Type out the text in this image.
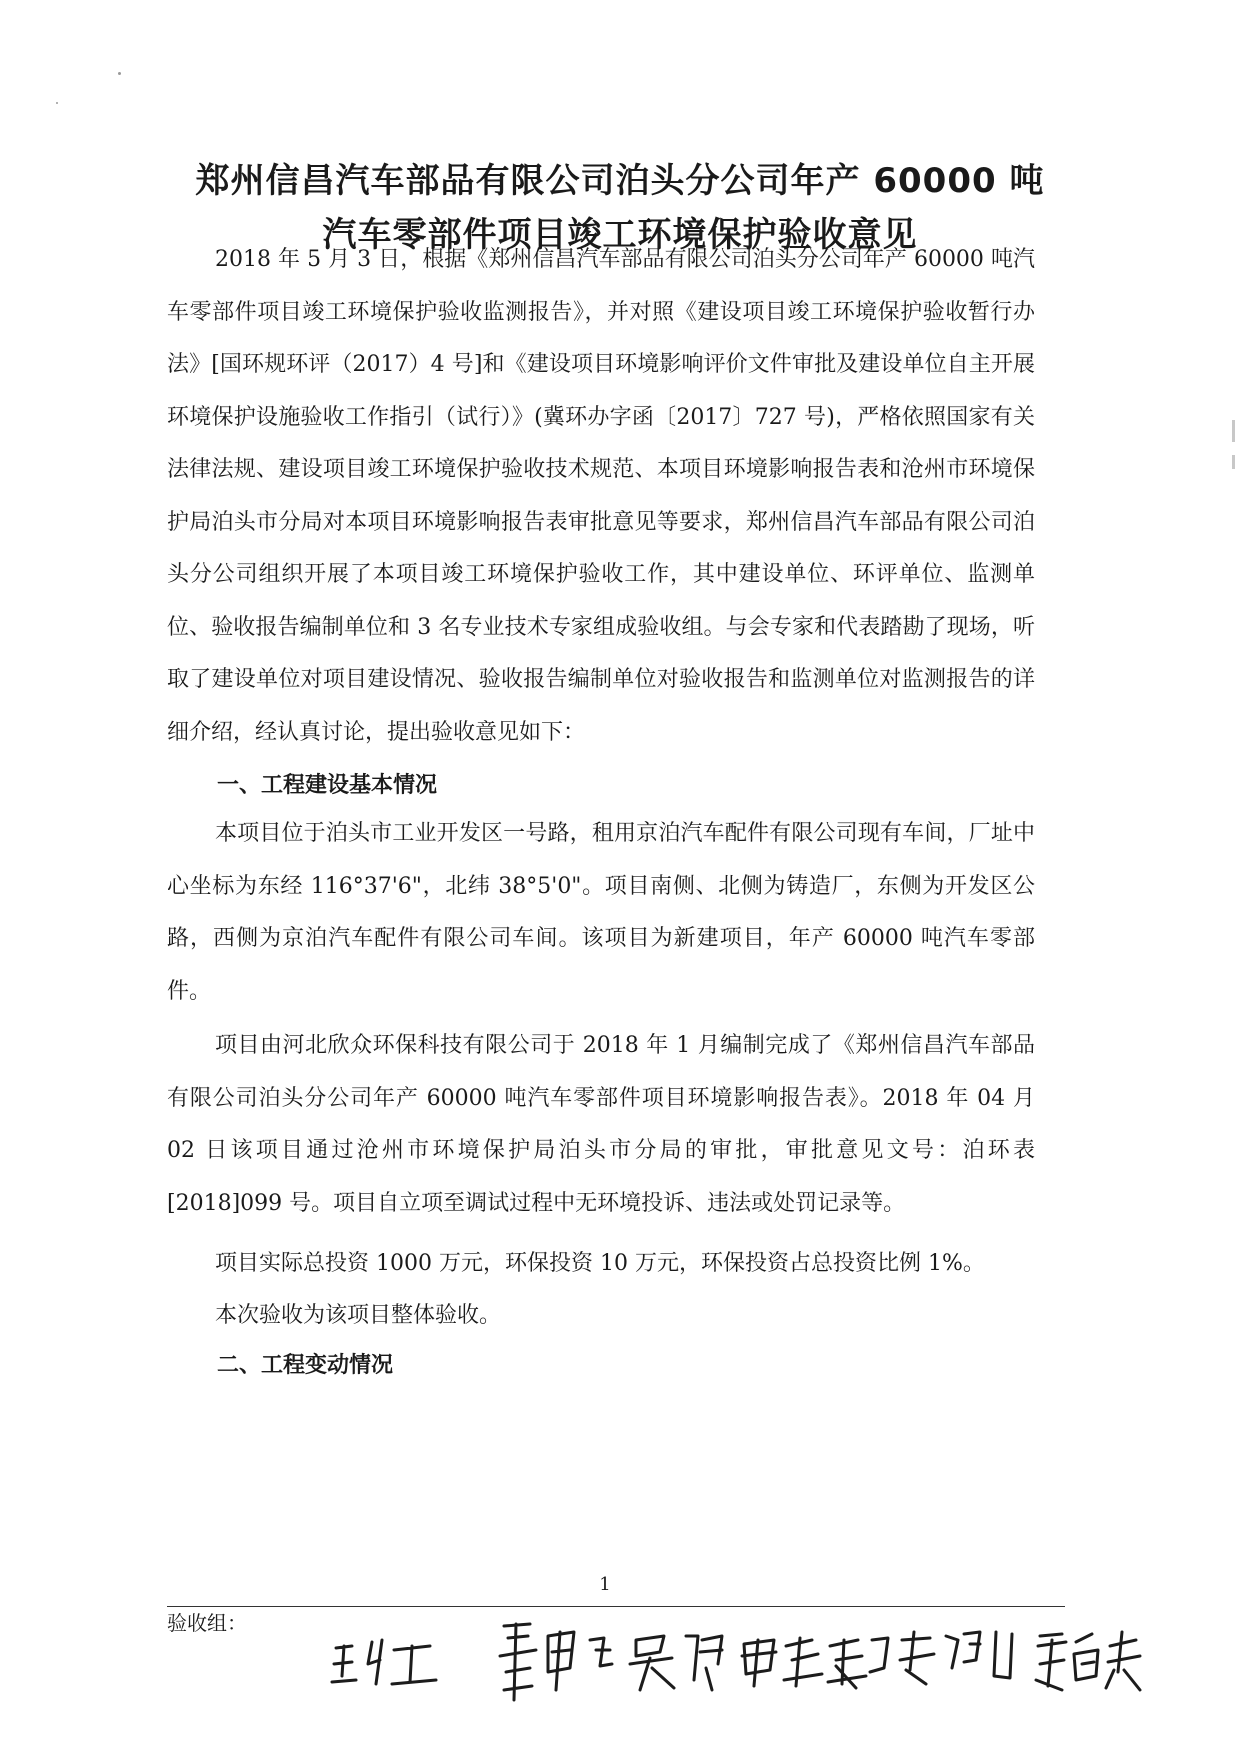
郑州信昌汽车部品有限公司泊头分公司年产 60000 吨
汽车零部件项目竣工环境保护验收意见

2018 年 5 月 3 日，根据《郑州信昌汽车部品有限公司泊头分公司年产 60000 吨汽车零部件项目竣工环境保护验收监测报告》，并对照《建设项目竣工环境保护验收暂行办法》[国环规环评（2017）4 号]和《建设项目环境影响评价文件审批及建设单位自主开展环境保护设施验收工作指引（试行）》(冀环办字函〔2017〕727 号)，严格依照国家有关法律法规、建设项目竣工环境保护验收技术规范、本项目环境影响报告表和沧州市环境保护局泊头市分局对本项目环境影响报告表审批意见等要求，郑州信昌汽车部品有限公司泊头分公司组织开展了本项目竣工环境保护验收工作，其中建设单位、环评单位、监测单位、验收报告编制单位和 3 名专业技术专家组成验收组。与会专家和代表踏勘了现场，听取了建设单位对项目建设情况、验收报告编制单位对验收报告和监测单位对监测报告的详细介绍，经认真讨论，提出验收意见如下：

一、工程建设基本情况

本项目位于泊头市工业开发区一号路，租用京泊汽车配件有限公司现有车间，厂址中心坐标为东经 116°37'6"，北纬 38°5'0"。项目南侧、北侧为铸造厂，东侧为开发区公路，西侧为京泊汽车配件有限公司车间。该项目为新建项目，年产 60000 吨汽车零部件。

项目由河北欣众环保科技有限公司于 2018 年 1 月编制完成了《郑州信昌汽车部品有限公司泊头分公司年产 60000 吨汽车零部件项目环境影响报告表》。2018 年 04 月 02 日该项目通过沧州市环境保护局泊头市分局的审批，审批意见文号：泊环表[2018]099 号。项目自立项至调试过程中无环境投诉、违法或处罚记录等。

项目实际总投资 1000 万元，环保投资 10 万元，环保投资占总投资比例 1%。

本次验收为该项目整体验收。

二、工程变动情况
1
验收组：
